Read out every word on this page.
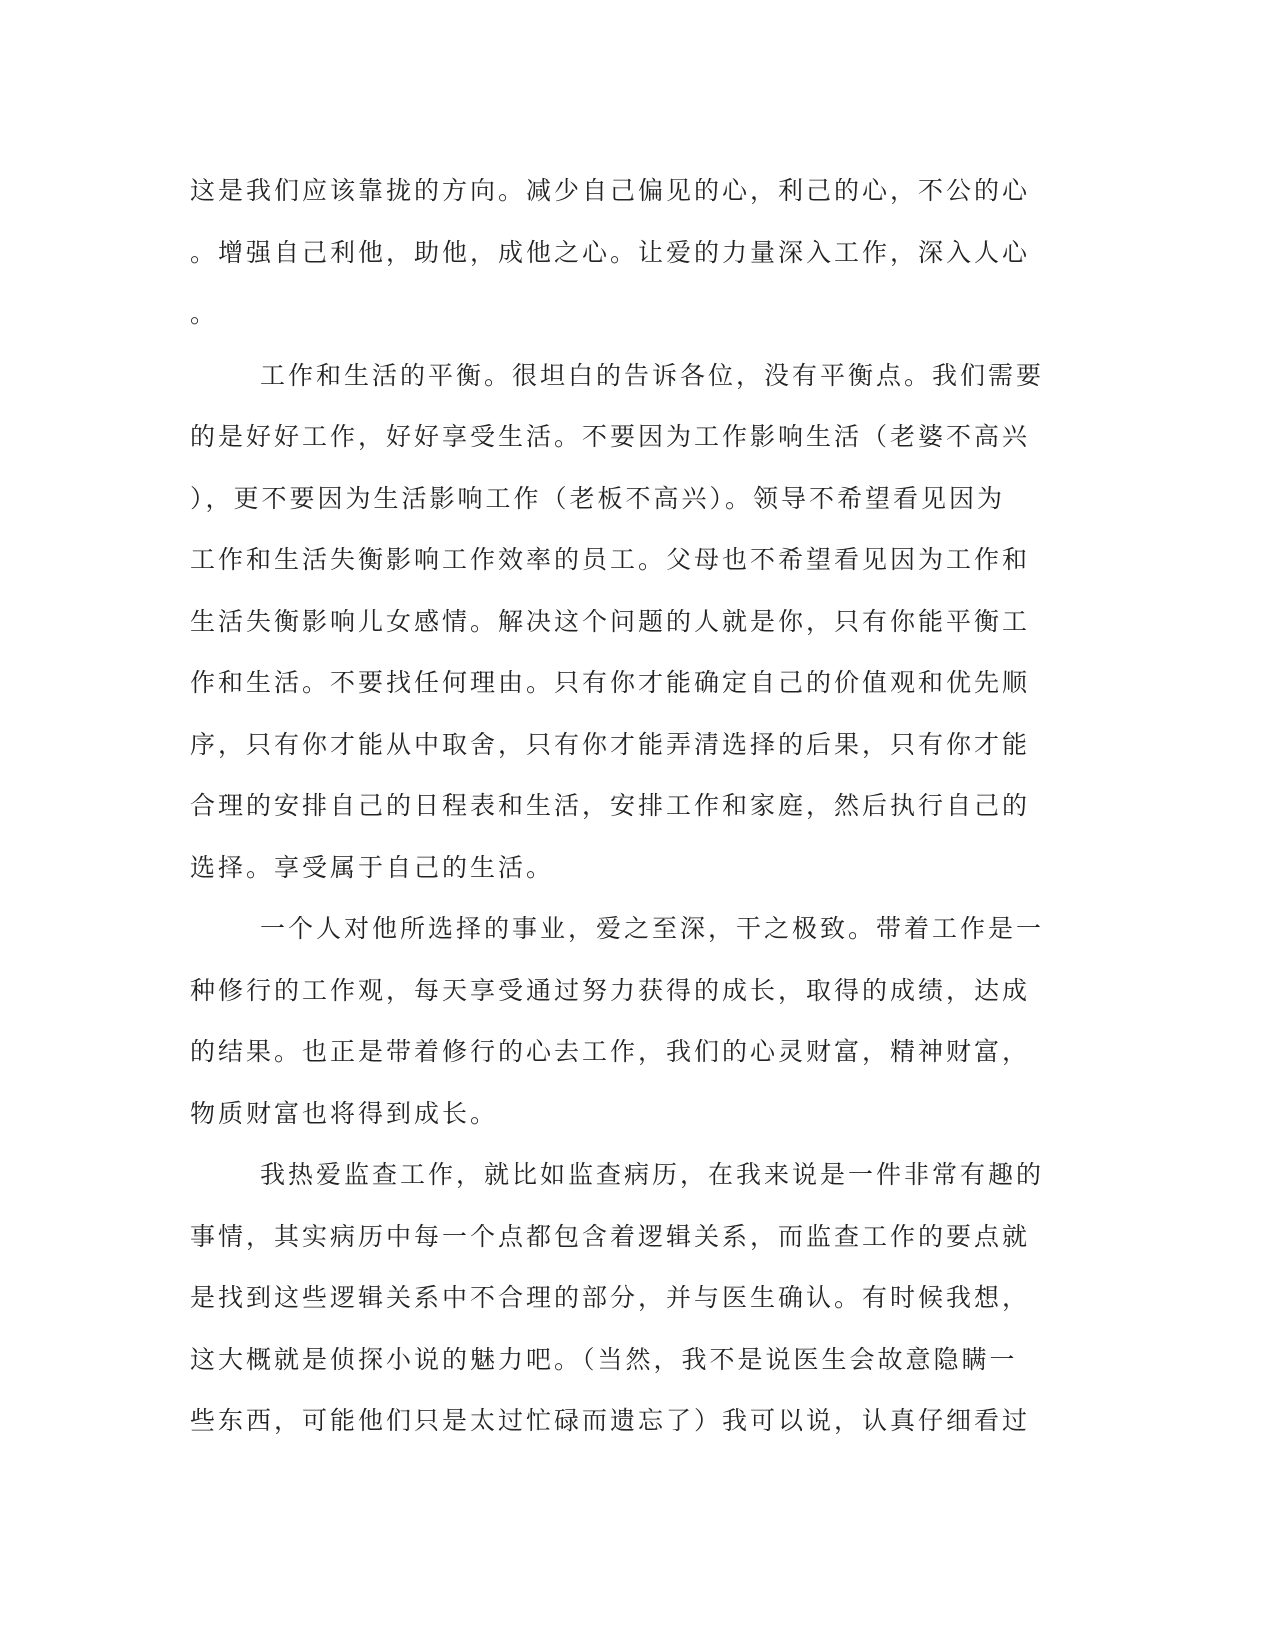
这是我们应该靠拢的方向。减少自己偏见的心，利己的心，不公的心
。增强自己利他，助他，成他之心。让爱的力量深入工作，深入人心
。
工作和生活的平衡。很坦白的告诉各位，没有平衡点。我们需要
的是好好工作，好好享受生活。不要因为工作影响生活（老婆不高兴
），更不要因为生活影响工作（老板不高兴）。领导不希望看见因为
工作和生活失衡影响工作效率的员工。父母也不希望看见因为工作和
生活失衡影响儿女感情。解决这个问题的人就是你，只有你能平衡工
作和生活。不要找任何理由。只有你才能确定自己的价值观和优先顺
序，只有你才能从中取舍，只有你才能弄清选择的后果，只有你才能
合理的安排自己的日程表和生活，安排工作和家庭，然后执行自己的
选择。享受属于自己的生活。
一个人对他所选择的事业，爱之至深，干之极致。带着工作是一
种修行的工作观，每天享受通过努力获得的成长，取得的成绩，达成
的结果。也正是带着修行的心去工作，我们的心灵财富，精神财富，
物质财富也将得到成长。
我热爱监查工作，就比如监查病历，在我来说是一件非常有趣的
事情，其实病历中每一个点都包含着逻辑关系，而监查工作的要点就
是找到这些逻辑关系中不合理的部分，并与医生确认。有时候我想，
这大概就是侦探小说的魅力吧。（当然，我不是说医生会故意隐瞒一
些东西，可能他们只是太过忙碌而遗忘了）我可以说，认真仔细看过
